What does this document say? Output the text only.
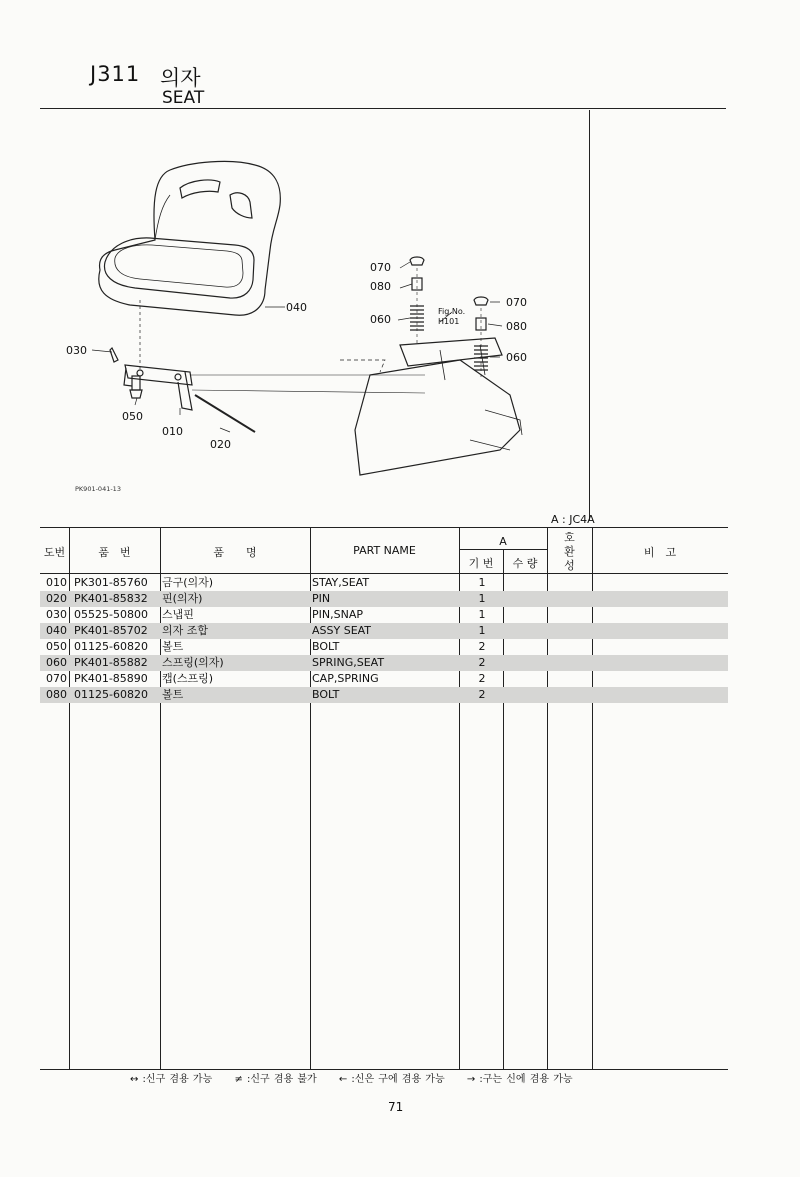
J311 의자
SEAT
040
030
050
010
020
070
080
060
070
080
060
Fig.No.
H101
PK901-041-13
A : JC4A
도번	품　번	품　　명	PART NAME
A
기 번	수 량
호
환
성
비　고
010 PK301-85760 금구(의자)	STAY,SEAT	1
020 PK401-85832 핀(의자)	PIN	1
030 05525-50800 스냅핀	PIN,SNAP	1
040 PK401-85702 의자 조합	ASSY SEAT	1
050 01125-60820 볼트	BOLT	2
060 PK401-85882 스프링(의자)	SPRING,SEAT	2
070 PK401-85890 캡(스프링)	CAP,SPRING	2
080 01125-60820 볼트	BOLT	2
↔ :신구 겸용 가능 ≠ :신구 겸용 불가 ← :신은 구에 겸용 가능 → :구는 신에 겸용 가능
71
